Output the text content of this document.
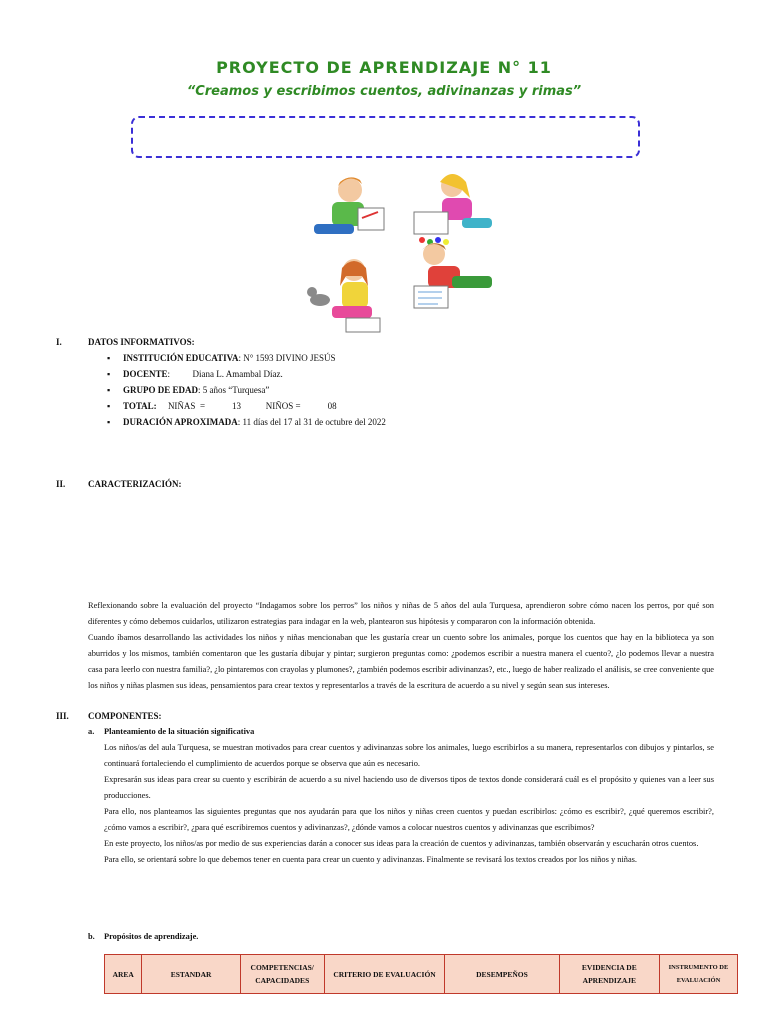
PROYECTO DE APRENDIZAJE N° 11
“Creamos y escribimos cuentos, adivinanzas y rimas”
I.	DATOS INFORMATIVOS:
▪ INSTITUCIÓN EDUCATIVA: N° 1593 DIVINO JESÚS
▪ DOCENTE:          Diana L. Amambal Díaz.
▪ GRUPO DE EDAD: 5 años “Turquesa”
▪ TOTAL:     NIÑAS  =            13           NIÑOS =            08
▪ DURACIÓN APROXIMADA: 11 días del 17 al 31 de octubre del 2022
II.	CARACTERIZACIÓN:

Reflexionando sobre la evaluación del proyecto “Indagamos sobre los perros” los niños y niñas de 5 años del aula Turquesa, aprendieron sobre cómo nacen los perros, por qué son diferentes y cómo debemos cuidarlos, utilizaron estrategias para indagar en la web, plantearon sus hipótesis y compararon con la información obtenida.

Cuando íbamos desarrollando las actividades los niños y niñas mencionaban que les gustaría crear un cuento sobre los animales, porque los cuentos que hay en la biblioteca ya son aburridos y los mismos, también comentaron que les gustaría dibujar y pintar; surgieron preguntas como: ¿podemos escribir a nuestra manera el cuento?, ¿lo podemos llevar a nuestra casa para leerlo con nuestra familia?, ¿lo pintaremos con crayolas y plumones?, ¿también podemos escribir adivinanzas?, etc., luego de haber realizado el análisis, se cree conveniente que los niños y niñas plasmen sus ideas, pensamientos para crear textos y representarlos a través de la escritura de acuerdo a su nivel y según sean sus intereses.

III. COMPONENTES:
a. Planteamiento de la situación significativa

Los niños/as del aula Turquesa, se muestran motivados para crear cuentos y adivinanzas sobre los animales, luego escribirlos a su manera, representarlos con dibujos y pintarlos, se continuará fortaleciendo el cumplimiento de acuerdos porque se observa que aún es necesario.

Expresarán sus ideas para crear su cuento y escribirán de acuerdo a su nivel haciendo uso de diversos tipos de textos donde considerará cuál es el propósito y quienes van a leer sus producciones.

Para ello, nos planteamos las siguientes preguntas que nos ayudarán para que los niños y niñas creen cuentos y puedan escribirlos: ¿cómo es escribir?, ¿qué queremos escribir?, ¿cómo vamos a escribir?, ¿para qué escribiremos cuentos y adivinanzas?, ¿dónde vamos a colocar nuestros cuentos y adivinanzas que escribimos?

En este proyecto, los niños/as por medio de sus experiencias darán a conocer sus ideas para la creación de cuentos y adivinanzas, también observarán y escucharán otros cuentos.

Para ello, se orientará sobre lo que debemos tener en cuenta para crear un cuento y adivinanzas. Finalmente se revisará los textos creados por los niños y niñas.

b. Propósitos de aprendizaje.
AREA	ESTANDAR	COMPETENCIAS/ CAPACIDADES	CRITERIO DE EVALUACIÓN	DESEMPEÑOS	EVIDENCIA DE APRENDIZAJE	INSTRUMENTO DE EVALUACIÓN
